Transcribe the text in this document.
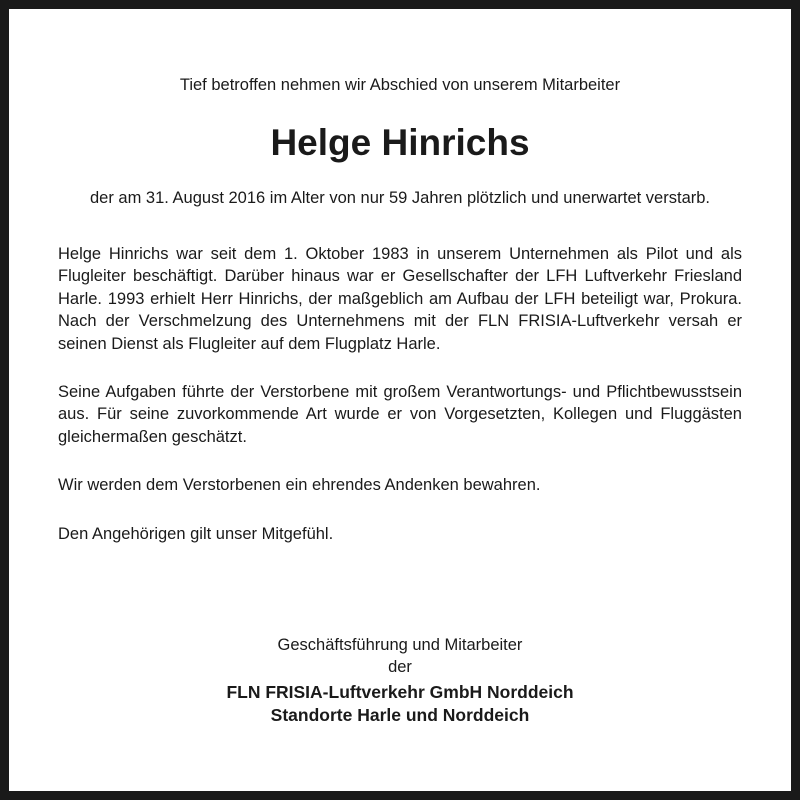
Tief betroffen nehmen wir Abschied von unserem Mitarbeiter

Helge Hinrichs

der am 31. August 2016 im Alter von nur 59 Jahren plötzlich und unerwartet verstarb.

Helge Hinrichs war seit dem 1. Oktober 1983 in unserem Unternehmen als Pilot und als Flugleiter beschäftigt. Darüber hinaus war er Gesellschafter der LFH Luftverkehr Friesland Harle. 1993 erhielt Herr Hinrichs, der maßgeblich am Aufbau der LFH beteiligt war, Prokura. Nach der Verschmelzung des Unternehmens mit der FLN FRISIA-Luftverkehr versah er seinen Dienst als Flugleiter auf dem Flugplatz Harle.

Seine Aufgaben führte der Verstorbene mit großem Verantwortungs- und Pflichtbewusstsein aus. Für seine zuvorkommende Art wurde er von Vorgesetzten, Kollegen und Fluggästen gleichermaßen geschätzt.

Wir werden dem Verstorbenen ein ehrendes Andenken bewahren.

Den Angehörigen gilt unser Mitgefühl.

Geschäftsführung und Mitarbeiter
der
FLN FRISIA-Luftverkehr GmbH Norddeich
Standorte Harle und Norddeich
